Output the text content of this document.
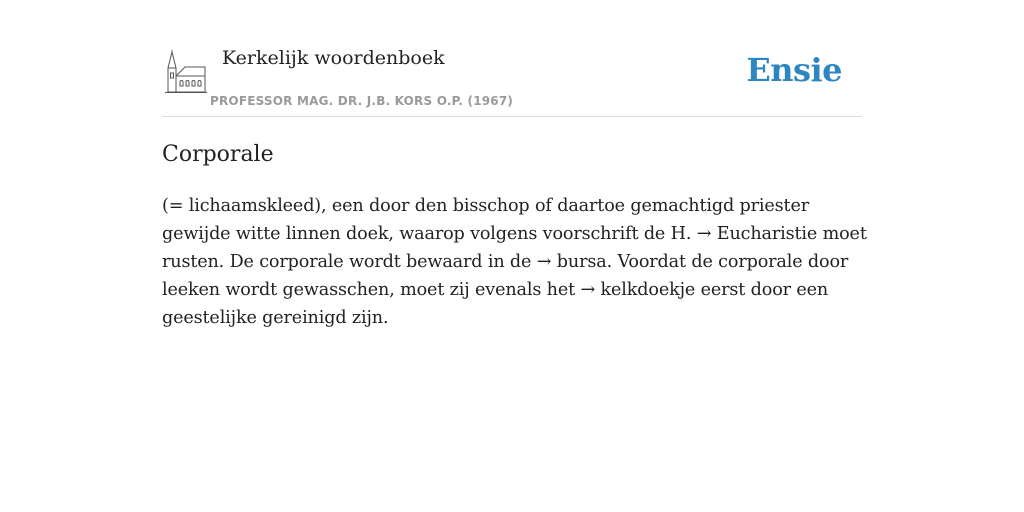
Kerkelijk woordenboek
PROFESSOR MAG. DR. J.B. KORS O.P. (1967)
Ensie
Corporale

(= lichaamskleed), een door den bisschop of daartoe gemachtigd priester gewijde witte linnen doek, waarop volgens voorschrift de H. → Eucharistie moet rusten. De corporale wordt bewaard in de → bursa. Voordat de corporale door leeken wordt gewasschen, moet zij evenals het → kelkdoekje eerst door een geestelijke gereinigd zijn.
